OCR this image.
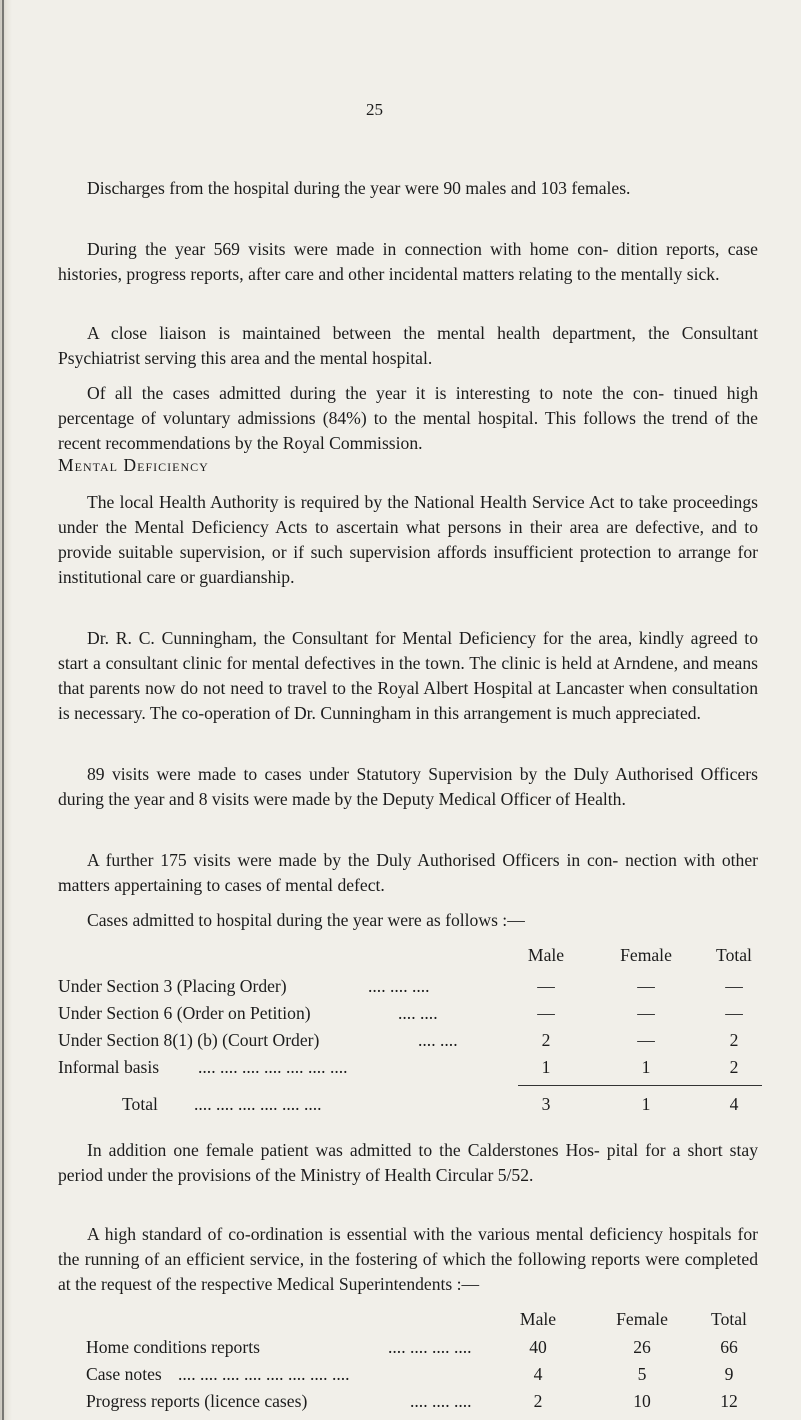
25

Discharges from the hospital during the year were 90 males and 103 females.

During the year 569 visits were made in connection with home con- dition reports, case histories, progress reports, after care and other incidental matters relating to the mentally sick.

A close liaison is maintained between the mental health department, the Consultant Psychiatrist serving this area and the mental hospital.

Of all the cases admitted during the year it is interesting to note the con- tinued high percentage of voluntary admissions (84%) to the mental hospital. This follows the trend of the recent recommendations by the Royal Commission.

Mental Deficiency

The local Health Authority is required by the National Health Service Act to take proceedings under the Mental Deficiency Acts to ascertain what persons in their area are defective, and to provide suitable supervision, or if such supervision affords insufficient protection to arrange for institutional care or guardianship.

Dr. R. C. Cunningham, the Consultant for Mental Deficiency for the area, kindly agreed to start a consultant clinic for mental defectives in the town. The clinic is held at Arndene, and means that parents now do not need to travel to the Royal Albert Hospital at Lancaster when consultation is necessary. The co-operation of Dr. Cunningham in this arrangement is much appreciated.

89 visits were made to cases under Statutory Supervision by the Duly Authorised Officers during the year and 8 visits were made by the Deputy Medical Officer of Health.

A further 175 visits were made by the Duly Authorised Officers in con- nection with other matters appertaining to cases of mental defect.

Cases admitted to hospital during the year were as follows :—

Male	Female	Total
Under Section 3 (Placing Order)	.... .... ....	—	—	—
Under Section 6 (Order on Petition)	.... ....	—	—	—
Under Section 8(1) (b) (Court Order)	.... ....	2	—	2
Informal basis .... .... .... .... .... .... ....	1	1	2
Total .... .... .... .... .... ....	3	1	4

In addition one female patient was admitted to the Calderstones Hos- pital for a short stay period under the provisions of the Ministry of Health Circular 5/52.

A high standard of co-ordination is essential with the various mental deficiency hospitals for the running of an efficient service, in the fostering of which the following reports were completed at the request of the respective Medical Superintendents :—

Male	Female	Total
Home conditions reports	.... .... .... ....	40	26	66
Case notes .... .... .... .... .... .... .... ....	4	5	9
Progress reports (licence cases)	.... .... ....	2	10	12
